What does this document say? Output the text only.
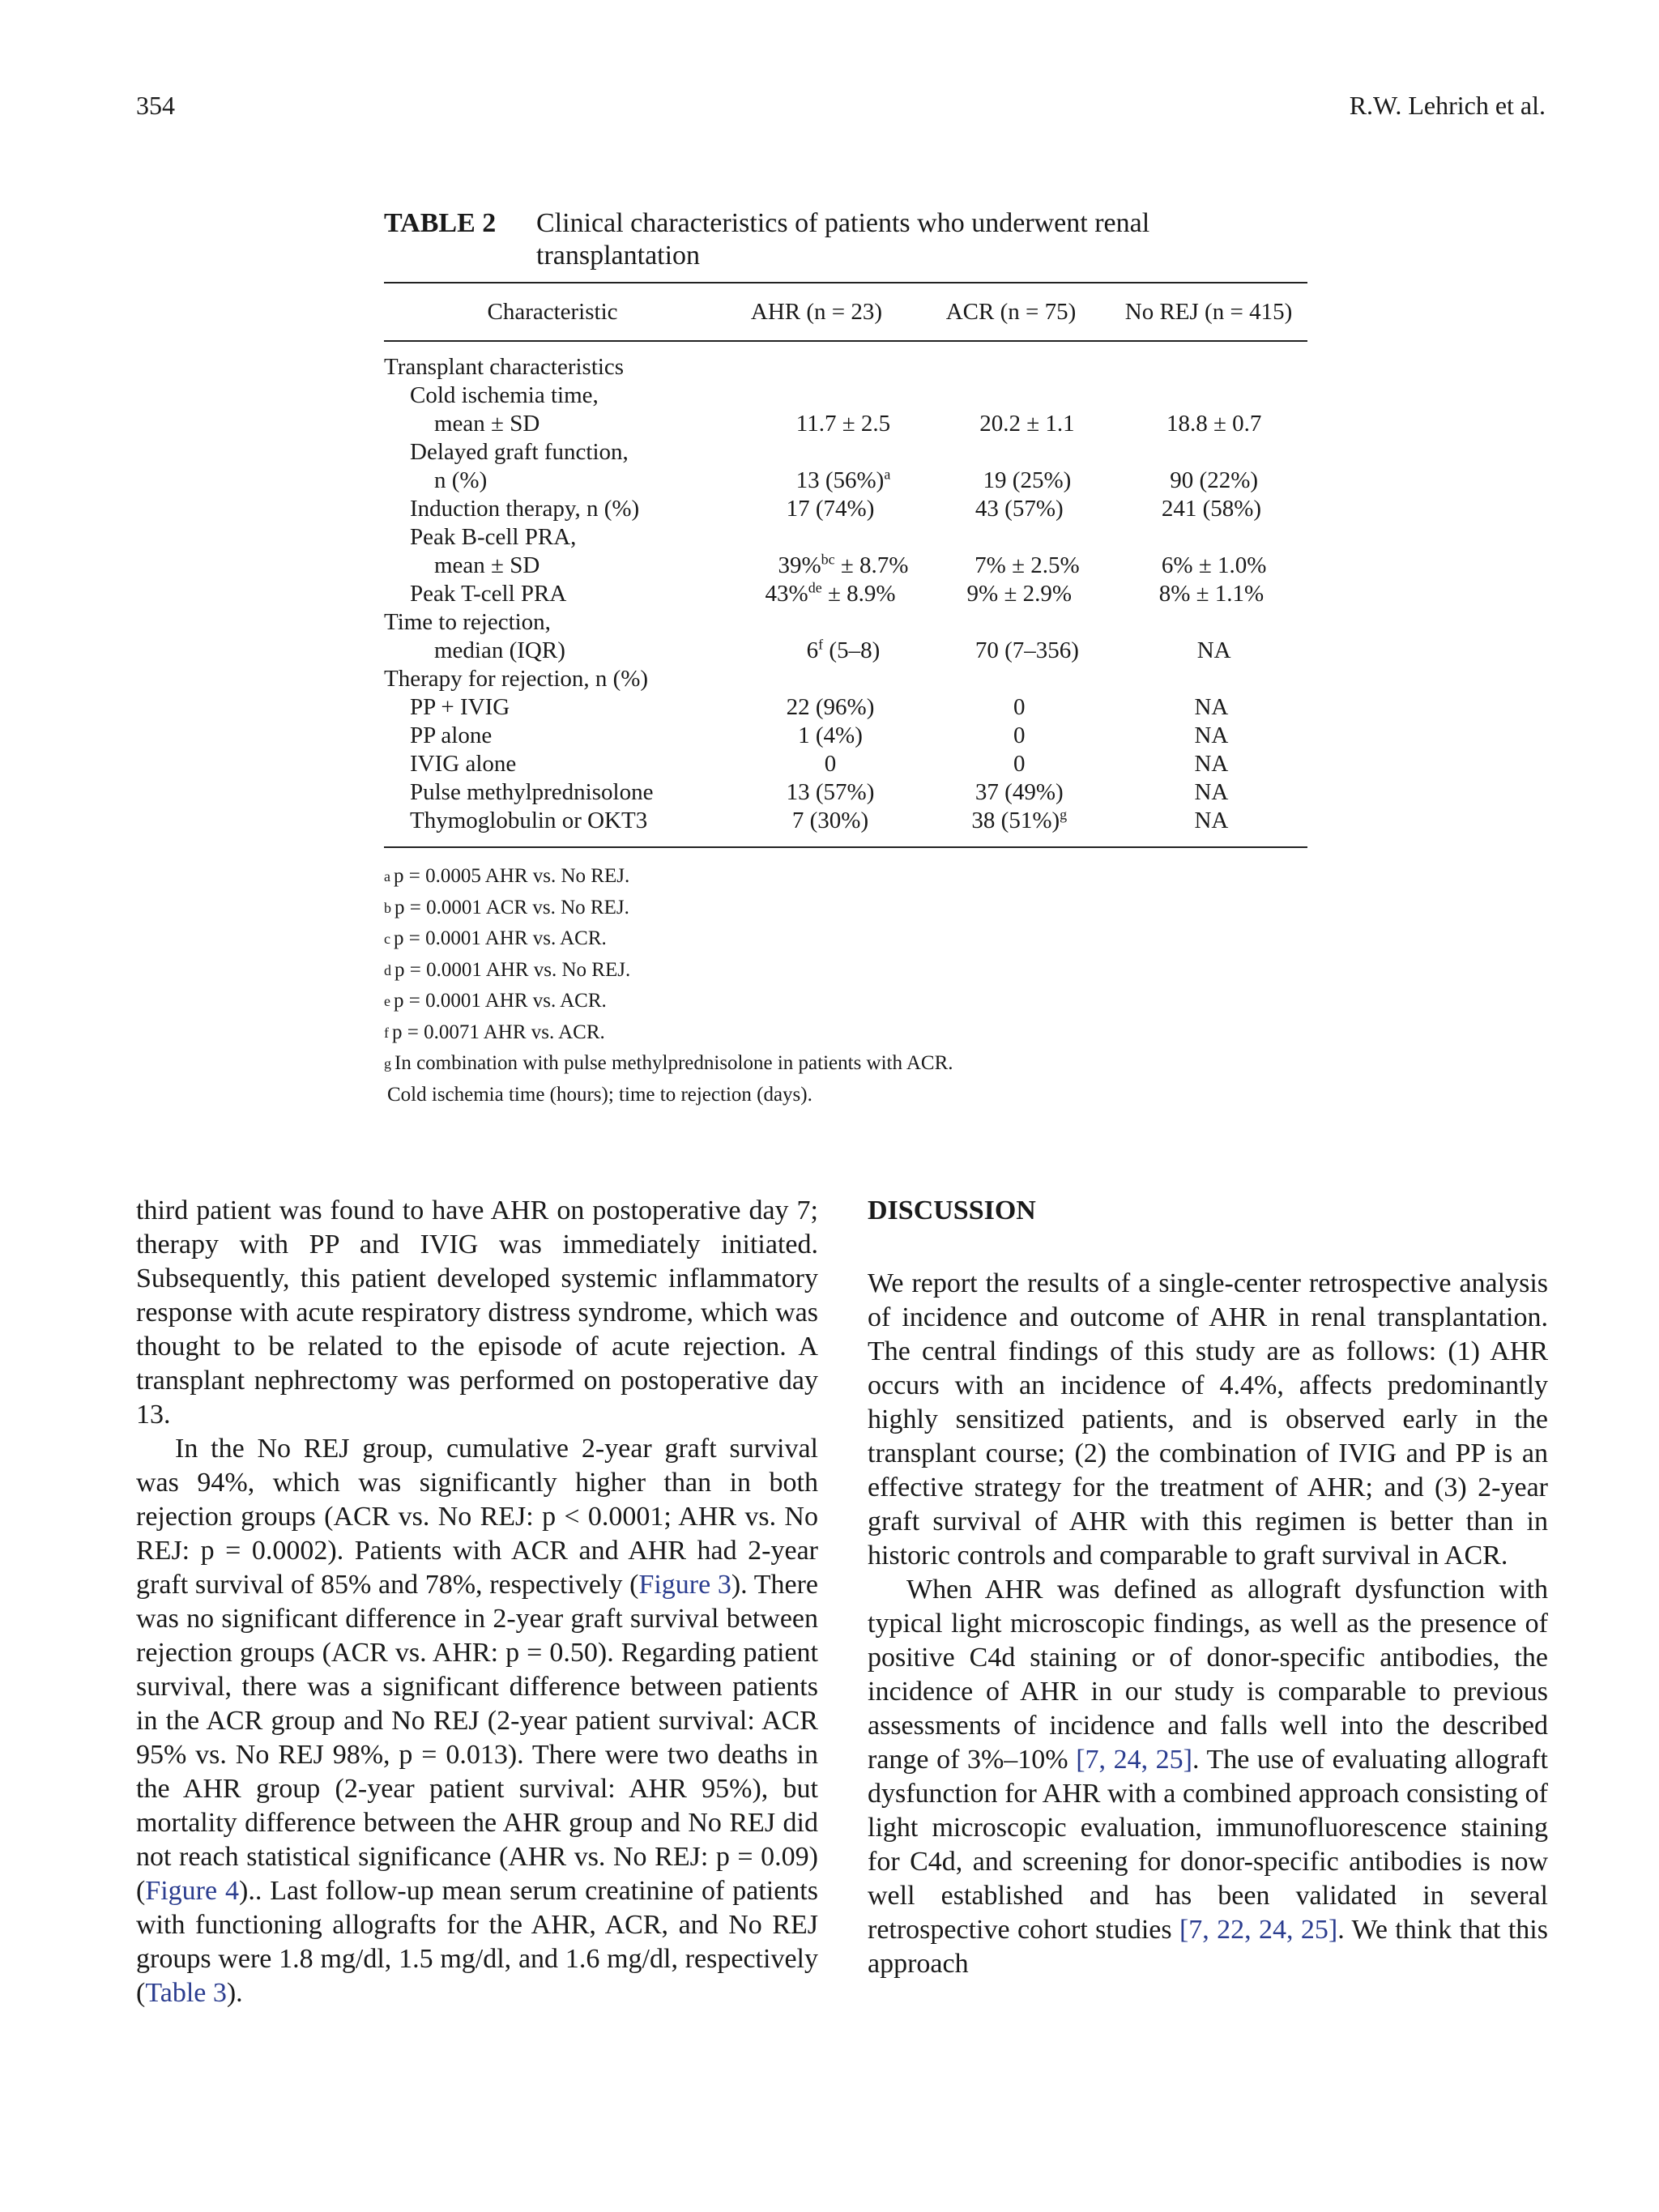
354	R.W. Lehrich et al.
TABLE 2	Clinical characteristics of patients who underwent renal transplantation
Characteristic	AHR (n = 23)	ACR (n = 75)	No REJ (n = 415)
Transplant characteristics
Cold ischemia time,
mean ± SD	11.7 ± 2.5	20.2 ± 1.1	18.8 ± 0.7
Delayed graft function,
n (%)	13 $(56\%)^a$	19 (25%)	90 (22%)
Induction therapy, n (%)	17 (74%)	43 (57%)	241 (58%)
Peak B-cell PRA,
mean ± SD	39%$^{bc}$ ± 8.7%	7% ± 2.5%	6% ± 1.0%
Peak T-cell PRA	43%$^{de}$ ± 8.9%	9% ± 2.9%	8% ± 1.1%
Time to rejection,
median (IQR)	6$^f$ (5–8)	70 (7–356)	NA
Therapy for rejection, n (%)
PP + IVIG	22 (96%)	0	NA
PP alone	1 (4%)	0	NA
IVIG alone	0	0	NA
Pulse methylprednisolone	13 (57%)	37 (49%)	NA
Thymoglobulin or OKT3	7 (30%)	38 $(51\%)^g$	NA
a p = 0.0005 AHR vs. No REJ.
b p = 0.0001 ACR vs. No REJ.
c p = 0.0001 AHR vs. ACR.
d p = 0.0001 AHR vs. No REJ.
e p = 0.0001 AHR vs. ACR.
f p = 0.0071 AHR vs. ACR.
g In combination with pulse methylprednisolone in patients with ACR.
Cold ischemia time (hours); time to rejection (days).

third patient was found to have AHR on postoperative day 7; therapy with PP and IVIG was immediately initiated. Subsequently, this patient developed systemic inflammatory response with acute respiratory distress syndrome, which was thought to be related to the episode of acute rejection. A transplant nephrectomy was performed on postoperative day 13.

In the No REJ group, cumulative 2-year graft survival was 94%, which was significantly higher than in both rejection groups (ACR vs. No REJ: p < 0.0001; AHR vs. No REJ: p = 0.0002). Patients with ACR and AHR had 2-year graft survival of 85% and 78%, respectively (Figure 3). There was no significant difference in 2-year graft survival between rejection groups (ACR vs. AHR: p = 0.50). Regarding patient survival, there was a significant difference between patients in the ACR group and No REJ (2-year patient survival: ACR 95% vs. No REJ 98%, p = 0.013). There were two deaths in the AHR group (2-year patient survival: AHR 95%), but mortality difference between the AHR group and No REJ did not reach statistical significance (AHR vs. No REJ: p = 0.09) (Figure 4).. Last follow-up mean serum creatinine of patients with functioning allografts for the AHR, ACR, and No REJ groups were 1.8 mg/dl, 1.5 mg/dl, and 1.6 mg/dl, respectively (Table 3).

DISCUSSION

We report the results of a single-center retrospective analysis of incidence and outcome of AHR in renal transplantation. The central findings of this study are as follows: (1) AHR occurs with an incidence of 4.4%, affects predominantly highly sensitized patients, and is observed early in the transplant course; (2) the combination of IVIG and PP is an effective strategy for the treatment of AHR; and (3) 2-year graft survival of AHR with this regimen is better than in historic controls and comparable to graft survival in ACR.

When AHR was defined as allograft dysfunction with typical light microscopic findings, as well as the presence of positive C4d staining or of donor-specific antibodies, the incidence of AHR in our study is comparable to previous assessments of incidence and falls well into the described range of 3%–10% [7, 24, 25]. The use of evaluating allograft dysfunction for AHR with a combined approach consisting of light microscopic evaluation, immunofluorescence staining for C4d, and screening for donor-specific antibodies is now well established and has been validated in several retrospective cohort studies [7, 22, 24, 25]. We think that this approach
